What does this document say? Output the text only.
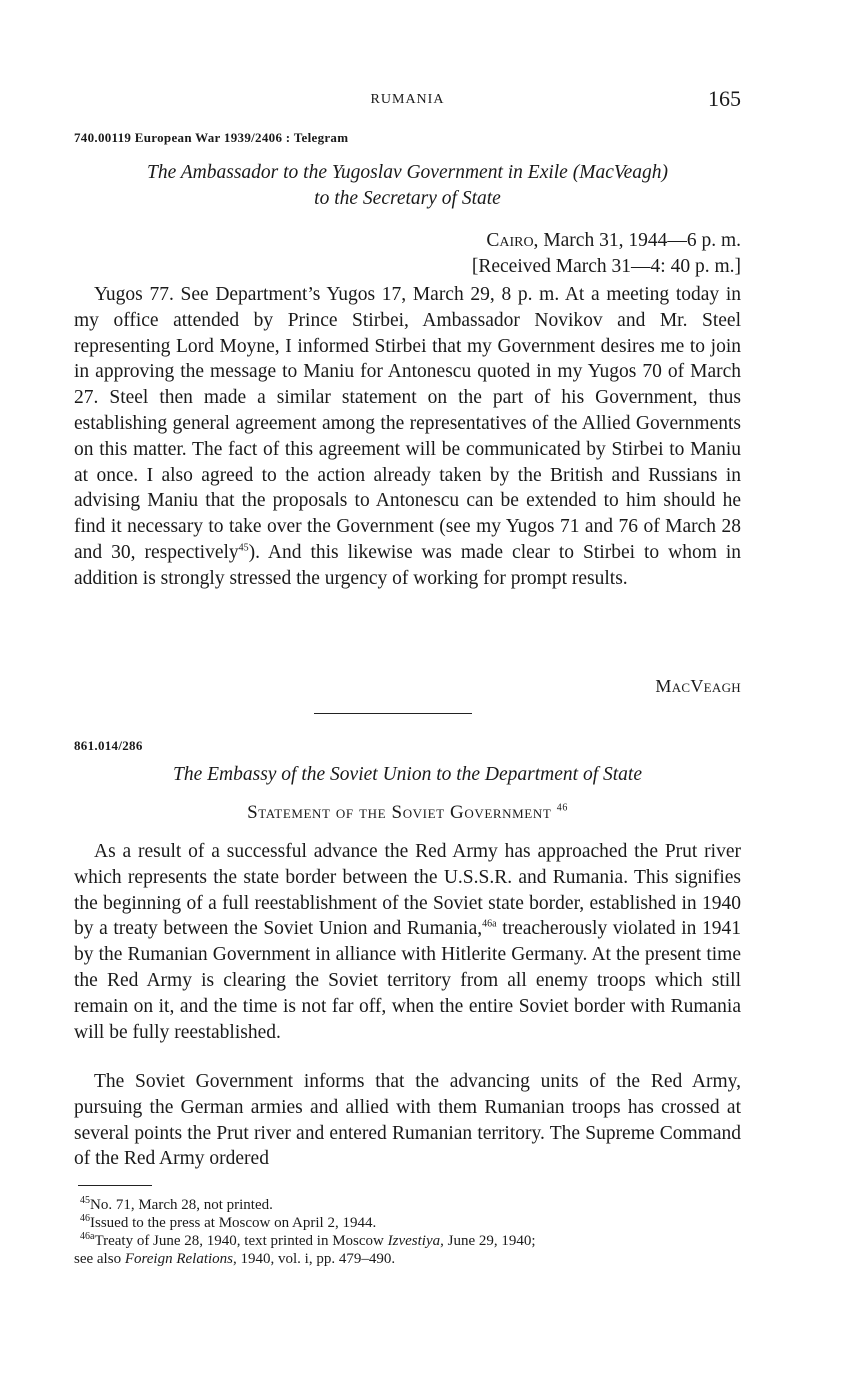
RUMANIA	165
740.00119 European War 1939/2406 : Telegram
The Ambassador to the Yugoslav Government in Exile (MacVeagh)
to the Secretary of State
Cairo, March 31, 1944—6 p. m.
[Received March 31—4: 40 p. m.]

Yugos 77. See Department’s Yugos 17, March 29, 8 p. m. At a meeting today in my office attended by Prince Stirbei, Ambassador Novikov and Mr. Steel representing Lord Moyne, I informed Stirbei that my Government desires me to join in approving the message to Maniu for Antonescu quoted in my Yugos 70 of March 27. Steel then made a similar statement on the part of his Government, thus establishing general agreement among the representatives of the Allied Governments on this matter. The fact of this agreement will be communicated by Stirbei to Maniu at once. I also agreed to the action already taken by the British and Russians in advising Maniu that the proposals to Antonescu can be extended to him should he find it necessary to take over the Government (see my Yugos 71 and 76 of March 28 and 30, respectively$^{45}$). And this likewise was made clear to Stirbei to whom in addition is strongly stressed the urgency of working for prompt results.

MacVeagh
861.014/286
The Embassy of the Soviet Union to the Department of State
Statement of the Soviet Government $^{46}$

As a result of a successful advance the Red Army has approached the Prut river which represents the state border between the U.S.S.R. and Rumania. This signifies the beginning of a full reestablishment of the Soviet state border, established in 1940 by a treaty between the Soviet Union and Rumania,$^{46a}$ treacherously violated in 1941 by the Rumanian Government in alliance with Hitlerite Germany. At the present time the Red Army is clearing the Soviet territory from all enemy troops which still remain on it, and the time is not far off, when the entire Soviet border with Rumania will be fully reestablished.

The Soviet Government informs that the advancing units of the Red Army, pursuing the German armies and allied with them Rumanian troops has crossed at several points the Prut river and entered Rumanian territory. The Supreme Command of the Red Army ordered

$^{45}$No. 71, March 28, not printed.
$^{46}$Issued to the press at Moscow on April 2, 1944.
$^{46a}$Treaty of June 28, 1940, text printed in Moscow Izvestiya, June 29, 1940;
see also Foreign Relations, 1940, vol. i, pp. 479–490.
